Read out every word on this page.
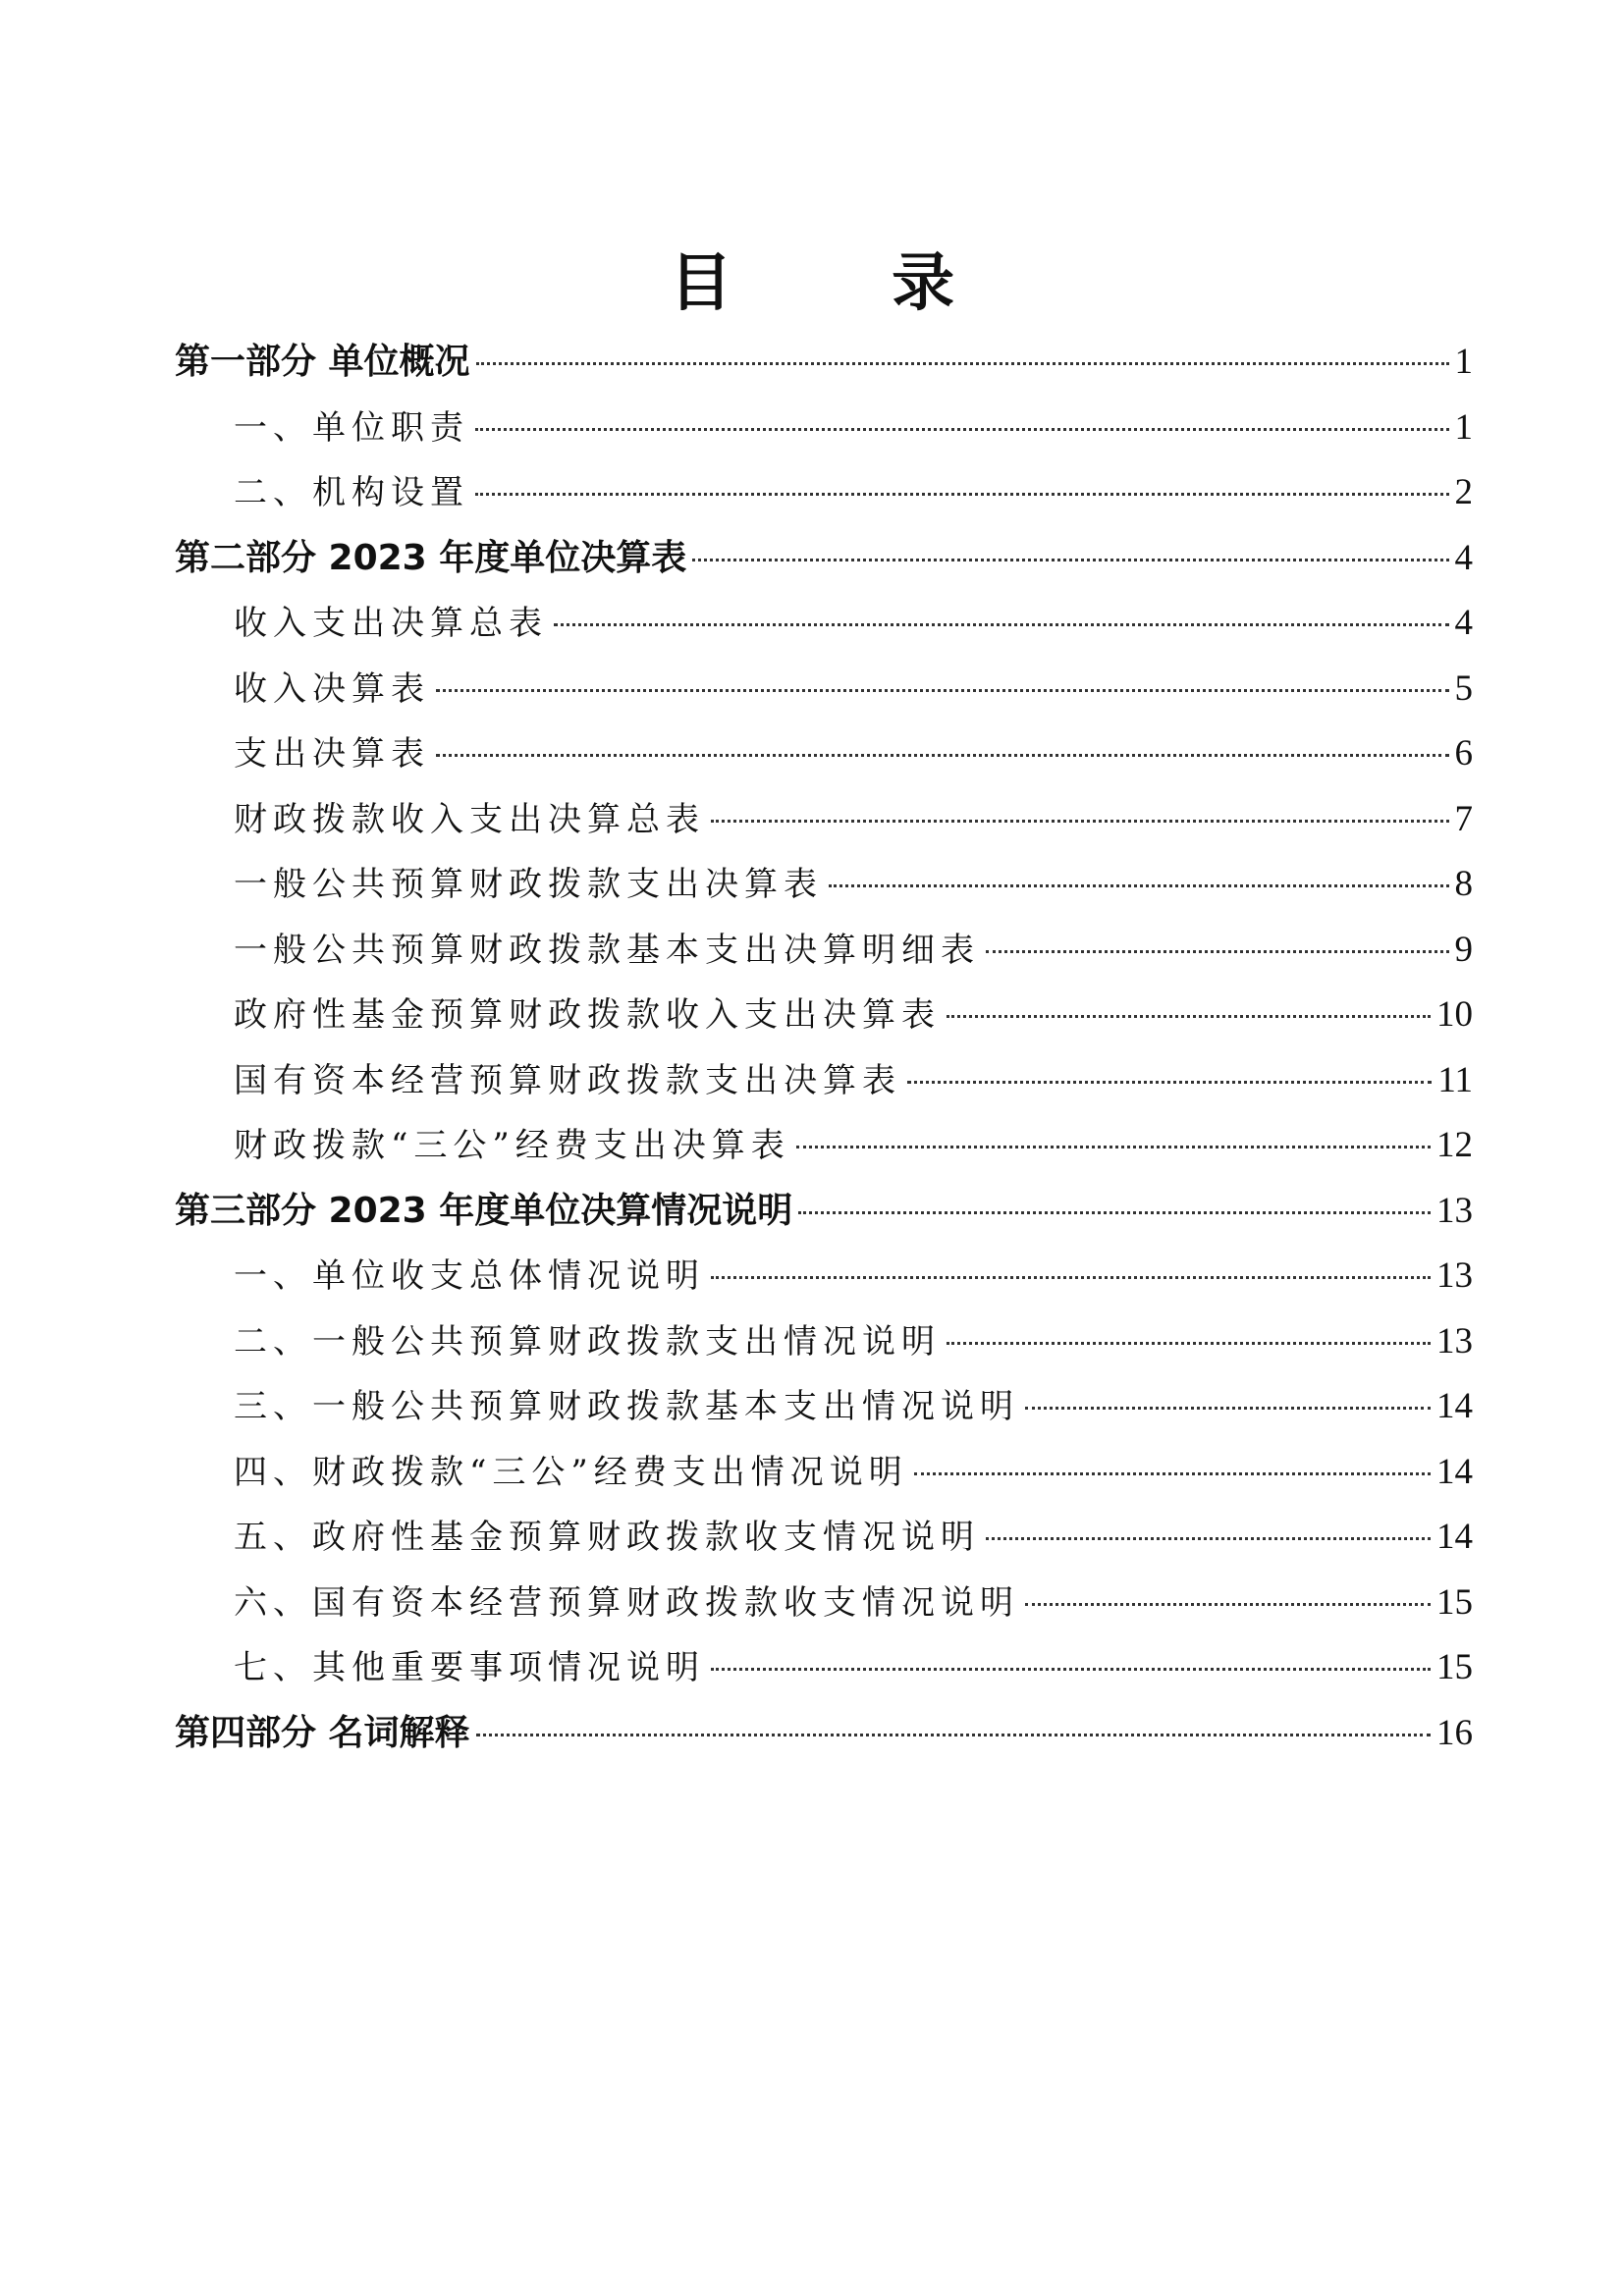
目 录
第一部分 单位概况	1
一、单位职责	1
二、机构设置	2
第二部分 2023 年度单位决算表	4
收入支出决算总表	4
收入决算表	5
支出决算表	6
财政拨款收入支出决算总表	7
一般公共预算财政拨款支出决算表	8
一般公共预算财政拨款基本支出决算明细表	9
政府性基金预算财政拨款收入支出决算表	10
国有资本经营预算财政拨款支出决算表	11
财政拨款“三公”经费支出决算表	12
第三部分 2023 年度单位决算情况说明	13
一、单位收支总体情况说明	13
二、一般公共预算财政拨款支出情况说明	13
三、一般公共预算财政拨款基本支出情况说明	14
四、财政拨款“三公”经费支出情况说明	14
五、政府性基金预算财政拨款收支情况说明	14
六、国有资本经营预算财政拨款收支情况说明	15
七、其他重要事项情况说明	15
第四部分 名词解释	16
